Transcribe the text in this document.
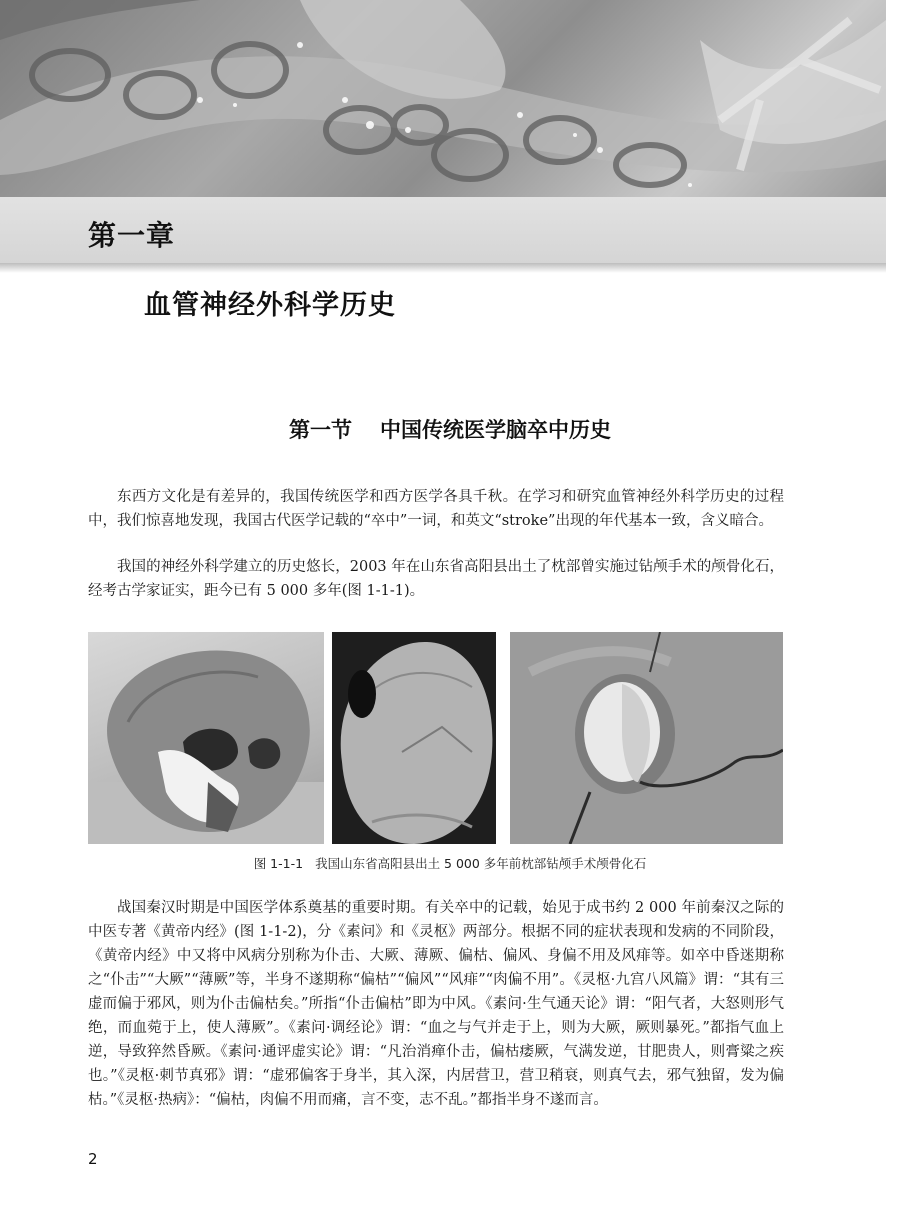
第一章
血管神经外科学历史
第一节 中国传统医学脑卒中历史

东西方文化是有差异的，我国传统医学和西方医学各具千秋。在学习和研究血管神经外科学历史的过程中，我们惊喜地发现，我国古代医学记载的“卒中”一词，和英文“stroke”出现的年代基本一致，含义暗合。

我国的神经外科学建立的历史悠长，2003 年在山东省高阳县出土了枕部曾实施过钻颅手术的颅骨化石，经考古学家证实，距今已有 5 000 多年(图 1-1-1)。

图 1-1-1 我国山东省高阳县出土 5 000 多年前枕部钻颅手术颅骨化石

战国秦汉时期是中国医学体系奠基的重要时期。有关卒中的记载，始见于成书约 2 000 年前秦汉之际的中医专著《黄帝内经》(图 1-1-2)，分《素问》和《灵枢》两部分。根据不同的症状表现和发病的不同阶段，《黄帝内经》中又将中风病分别称为仆击、大厥、薄厥、偏枯、偏风、身偏不用及风痱等。如卒中昏迷期称之“仆击”“大厥”“薄厥”等，半身不遂期称“偏枯”“偏风”“风痱”“肉偏不用”。《灵枢·九宫八风篇》谓：“其有三虚而偏于邪风，则为仆击偏枯矣。”所指“仆击偏枯”即为中风。《素问·生气通天论》谓：“阳气者，大怒则形气绝，而血菀于上，使人薄厥”。《素问·调经论》谓：“血之与气并走于上，则为大厥，厥则暴死。”都指气血上逆，导致猝然昏厥。《素问·通评虚实论》谓：“凡治消瘅仆击，偏枯痿厥，气满发逆，甘肥贵人，则膏粱之疾也。”《灵枢·刺节真邪》谓：“虚邪偏客于身半，其入深，内居营卫，营卫稍衰，则真气去，邪气独留，发为偏枯。”《灵枢·热病》：“偏枯，肉偏不用而痛，言不变，志不乱。”都指半身不遂而言。

2
